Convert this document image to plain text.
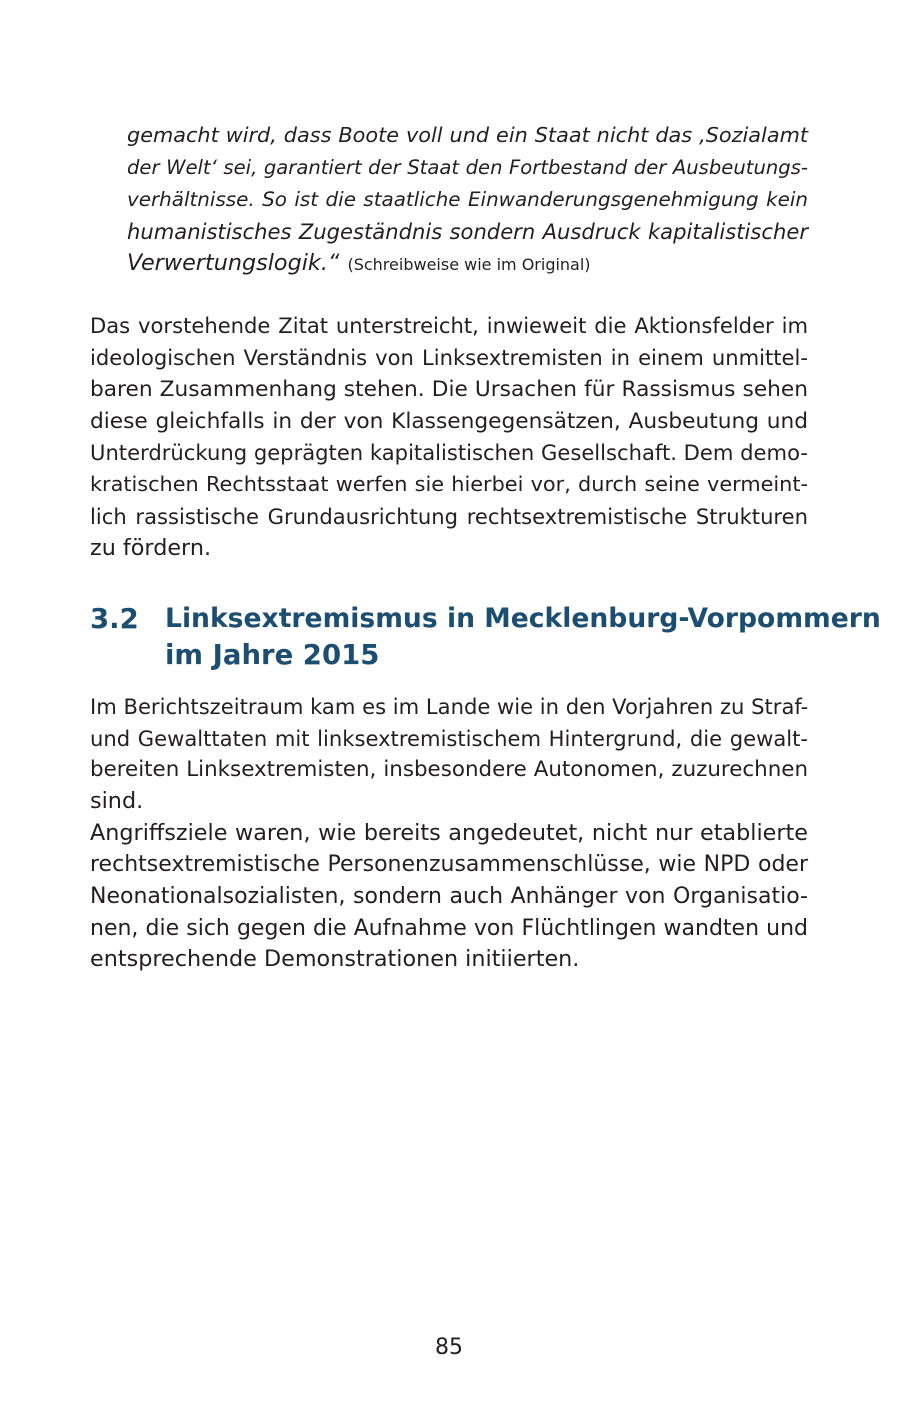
gemacht wird, dass Boote voll und ein Staat nicht das ‚Sozialamt
der Welt‘ sei, garantiert der Staat den Fortbestand der Ausbeutungs-
verhältnisse. So ist die staatliche Einwanderungsgenehmigung kein
humanistisches Zugeständnis sondern Ausdruck kapitalistischer
Verwertungslogik.“ (Schreibweise wie im Original)
Das vorstehende Zitat unterstreicht, inwieweit die Aktionsfelder im
ideologischen Verständnis von Linksextremisten in einem unmittel-
baren Zusammenhang stehen. Die Ursachen für Rassismus sehen
diese gleichfalls in der von Klassengegensätzen, Ausbeutung und
Unterdrückung geprägten kapitalistischen Gesellschaft. Dem demo-
kratischen Rechtsstaat werfen sie hierbei vor, durch seine vermeint-
lich rassistische Grundausrichtung rechtsextremistische Strukturen
zu fördern.
3.2 Linksextremismus in Mecklenburg-Vorpommern
im Jahre 2015
Im Berichtszeitraum kam es im Lande wie in den Vorjahren zu Straf-
und Gewalttaten mit linksextremistischem Hintergrund, die gewalt-
bereiten Linksextremisten, insbesondere Autonomen, zuzurechnen
sind.
Angriffsziele waren, wie bereits angedeutet, nicht nur etablierte
rechtsextremistische Personenzusammenschlüsse, wie NPD oder
Neonationalsozialisten, sondern auch Anhänger von Organisatio-
nen, die sich gegen die Aufnahme von Flüchtlingen wandten und
entsprechende Demonstrationen initiierten.
85
